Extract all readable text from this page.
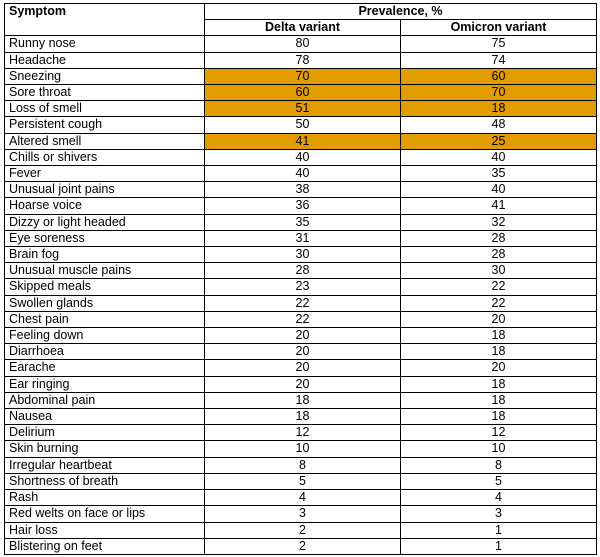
Symptom	Prevalence, %	
	Delta variant	Omicron variant
Runny nose	80	75
Headache	78	74
Sneezing	70	60
Sore throat	60	70
Loss of smell	51	18
Persistent cough	50	48
Altered smell	41	25
Chills or shivers	40	40
Fever	40	35
Unusual joint pains	38	40
Hoarse voice	36	41
Dizzy or light headed	35	32
Eye soreness	31	28
Brain fog	30	28
Unusual muscle pains	28	30
Skipped meals	23	22
Swollen glands	22	22
Chest pain	22	20
Feeling down	20	18
Diarrhoea	20	18
Earache	20	20
Ear ringing	20	18
Abdominal pain	18	18
Nausea	18	18
Delirium	12	12
Skin burning	10	10
Irregular heartbeat	8	8
Shortness of breath	5	5
Rash	4	4
Red welts on face or lips	3	3
Hair loss	2	1
Blistering on feet	2	1
